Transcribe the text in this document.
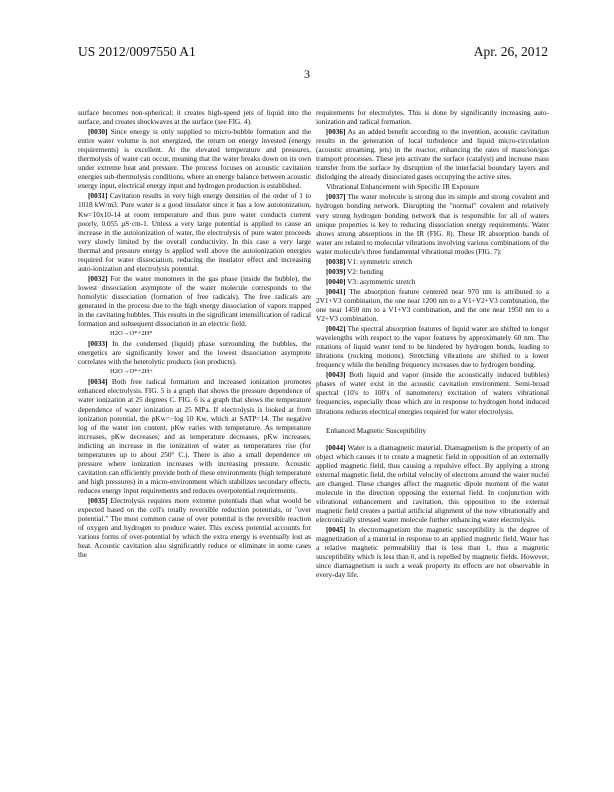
US 2012/0097550 A1	Apr. 26, 2012
3

surface becomes non-spherical; it creates high-speed jets of liquid into the surface, and creates shockwaves at the surface (see FIG. 4).

[0030] Since energy is only supplied to micro-bubble formation and the entire water volume is not energized, the return on energy invested (energy requirements) is excellent. At the elevated temperature and pressures, thermolysis of water can occur, meaning that the water breaks down on its own under extreme heat and pressure. The process focuses on acoustic cavitation energies sub-thermolysis conditions, where an energy balance between acoustic energy input, electrical energy input and hydrogen production is established.

[0031] Cavitation results in very high energy densities of the order of 1 to 1018 kW/m3. Pure water is a good insulator since it has a low autoionization, Kw=10x10-14 at room temperature and thus pure water conducts current poorly, 0.055 µS·cm-1. Unless a very large potential is applied to cause an increase in the autoionization of water, the electrolysis of pure water proceeds very slowly limited by the overall conductivity. In this case a very large thermal and pressure energy is applied well above the autoionization energies required for water dissociation, reducing the insulator effect and increasing auto-ionization and electrolysis potential.

[0032] For the water monomers in the gas phase (inside the bubble), the lowest dissociation asymptote of the water molecule corresponds to the homolytic dissociation (formation of free radicals). The free radicals are generated in the process due to the high energy dissociation of vapors trapped in the cavitating bubbles. This results in the significant intensification of radical formation and subsequent dissociation in an electric field.

H2O→O*+2H*

[0033] In the condensed (liquid) phase surrounding the bubbles, the energetics are significantly lower and the lowest dissociation asymptote correlates with the heterolytic products (ion products).

H2O→O*+2H+

[0034] Both free radical formation and increased ionization promotes enhanced electrolysis. FIG. 5 is a graph that shows the pressure dependence of water ionization at 25 degrees C. FIG. 6 is a graph that shows the temperature dependence of water ionization at 25 MPa. If electrolysis is looked at from ionization potential, the pKw=−log 10 Kw, which at SATP=14. The negative log of the water ion content, pKw varies with temperature. As temperature increases, pKw decreases; and as temperature decreases, pKw increases, indicting an increase in the ionization of water as temperatures rise (for temperatures up to about 250° C.). There is also a small dependence on pressure where ionization increases with increasing pressure. Acoustic cavitation can efficiently provide both of these environments (high temperature and high pressures) in a micro-environment which stabilizes secondary effects, reduces energy input requirements and reduces overpotential requirements.

[0035] Electrolysis requires more extreme potentials than what would be expected based on the cell's totally reversible reduction potentials, or "over potential." The most common cause of over potential is the reversible reaction of oxygen and hydrogen to produce water. This excess potential accounts for various forms of over-potential by which the extra energy is eventually lost as heat. Acoustic cavitation also significantly reduce or eliminate in some cases the

requirements for electrolytes. This is done by significantly increasing auto-ionization and radical formation.

[0036] As an added benefit according to the invention, acoustic cavitation results in the generation of local turbulence and liquid micro-circulation (acoustic streaming, jets) in the reactor, enhancing the rates of mass/ion/gas transport processes. These jets activate the surface (catalyst) and increase mass transfer from the surface by disruption of the interfacial boundary layers and dislodging the already dissociated gases occupying the active sites.

Vibrational Enhancement with Specific IR Exposure

[0037] The water molecule is strong due its simple and strong covalent and hydrogen bonding network. Disrupting the "normal" covalent and relatively very strong hydrogen bonding network that is responsible for all of waters unique properties is key to reducing dissociation energy requirements. Water shows strong absorptions in the IR (FIG. 8). These IR absorption bands of water are related to molecular vibrations involving various combinations of the water molecule's three fundamental vibrational modes (FIG. 7):

[0038] V1: symmetric stretch

[0039] V2: bending

[0040] V3: asymmetric stretch

[0041] The absorption feature centered near 970 nm is attributed to a 2V1+V3 combination, the one near 1200 nm to a V1+V2+V3 combination, the one near 1450 nm to a V1+V3 combination, and the one near 1950 nm to a V2+V3 combination.

[0042] The spectral absorption features of liquid water are shifted to longer wavelengths with respect to the vapor features by approximately 60 nm. The rotations of liquid water tend to be hindered by hydrogen bonds, leading to librations (rocking motions). Stretching vibrations are shifted to a lower frequency while the bending frequency increases due to hydrogen bonding.

[0043] Both liquid and vapor (inside the acoustically induced bubbles) phases of water exist in the acoustic cavitation environment. Semi-broad spectral (10's to 100's of nanometers) excitation of waters vibrational frequencies, especially those which are in response to hydrogen bond induced librations reduces electrical energies required for water electrolysis.

Enhanced Magnetic Susceptibility

[0044] Water is a diamagnetic material. Diamagnetism is the property of an object which causes it to create a magnetic field in opposition of an externally applied magnetic field, thus causing a repulsive effect. By applying a strong external magnetic field, the orbital velocity of electrons around the water nuclei are changed. These changes affect the magnetic dipole moment of the water molecule in the direction opposing the external field. In conjunction with vibrational enhancement and cavitation, this opposition to the external magnetic field creates a partial artificial alignment of the now vibrationally and electronically stressed water molecule further enhancing water electrolysis.

[0045] In electromagnetism the magnetic susceptibility is the degree of magnetization of a material in response to an applied magnetic field. Water has a relative magnetic permeability that is less than 1, thus a magnetic susceptibility which is less than 0, and is repelled by magnetic fields. However, since diamagnetism is such a weak property its effects are not observable in every-day life.
